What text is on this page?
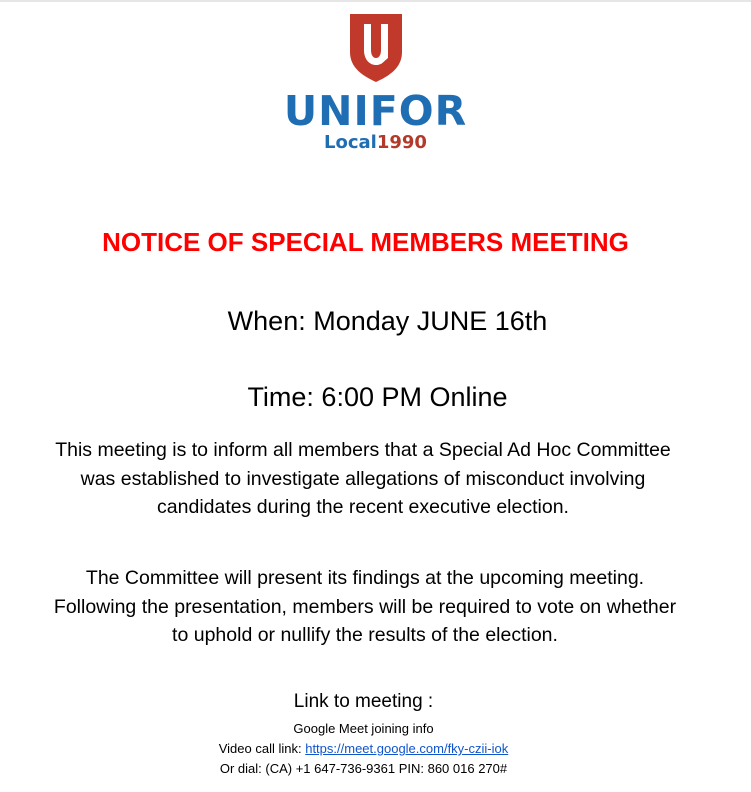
UNIFOR
Local1990
NOTICE OF SPECIAL MEMBERS MEETING
When: Monday JUNE 16th
Time: 6:00 PM Online
This meeting is to inform all members that a Special Ad Hoc Committee was established to investigate allegations of misconduct involving candidates during the recent executive election.
The Committee will present its findings at the upcoming meeting. Following the presentation, members will be required to vote on whether to uphold or nullify the results of the election.
Link to meeting :
Google Meet joining info
Video call link: https://meet.google.com/fky-czii-iok
Or dial: (CA) +1 647-736-9361 PIN: 860 016 270#
